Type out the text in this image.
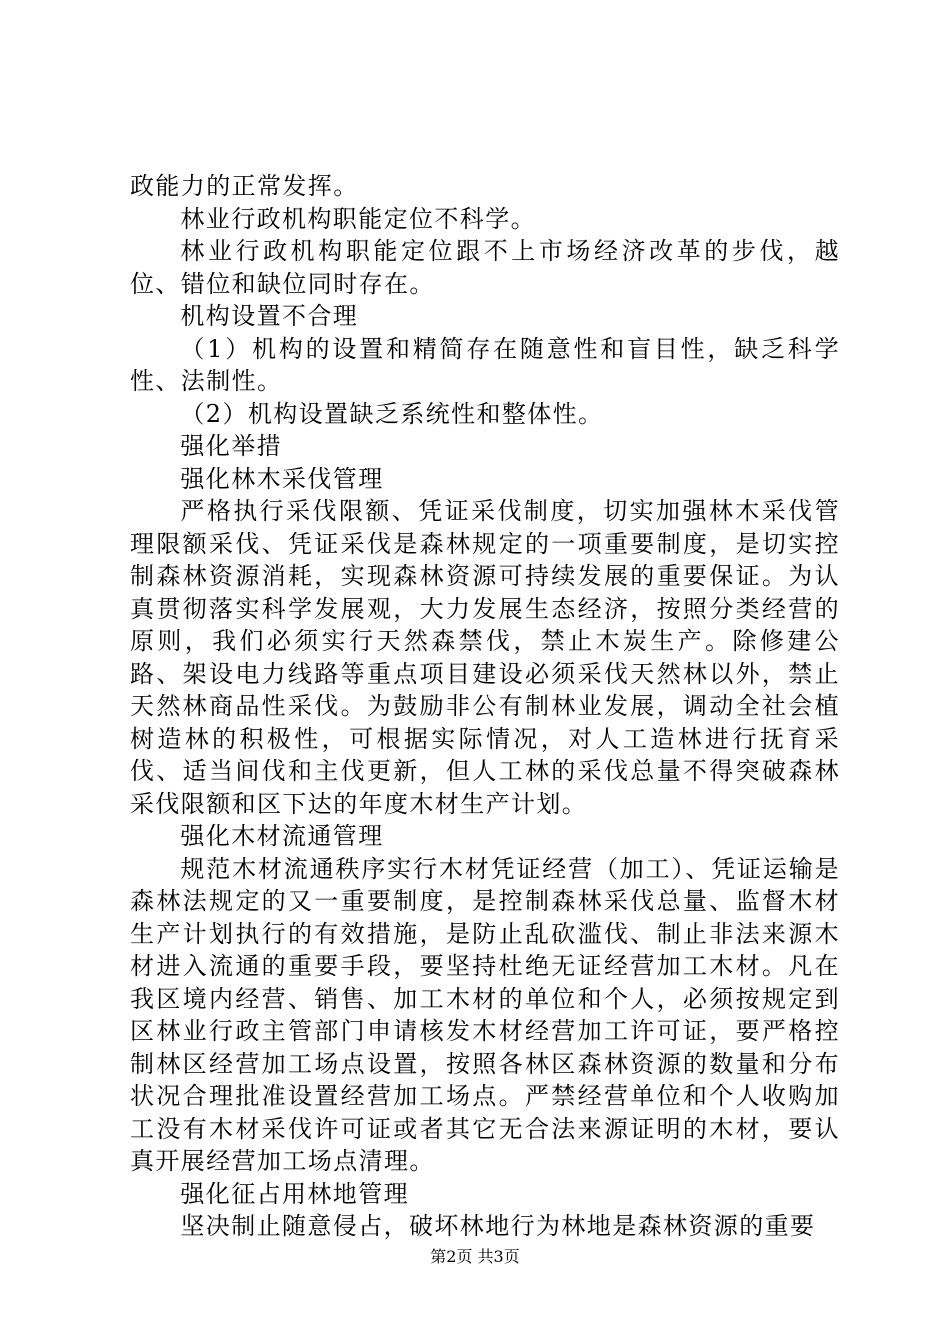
政能力的正常发挥。

林业行政机构职能定位不科学。

林业行政机构职能定位跟不上市场经济改革的步伐，越位、错位和缺位同时存在。

机构设置不合理

（1）机构的设置和精简存在随意性和盲目性，缺乏科学性、法制性。

（2）机构设置缺乏系统性和整体性。

强化举措

强化林木采伐管理

严格执行采伐限额、凭证采伐制度，切实加强林木采伐管理限额采伐、凭证采伐是森林规定的一项重要制度，是切实控制森林资源消耗，实现森林资源可持续发展的重要保证。为认真贯彻落实科学发展观，大力发展生态经济，按照分类经营的原则，我们必须实行天然森禁伐，禁止木炭生产。除修建公路、架设电力线路等重点项目建设必须采伐天然林以外，禁止天然林商品性采伐。为鼓励非公有制林业发展，调动全社会植树造林的积极性，可根据实际情况，对人工造林进行抚育采伐、适当间伐和主伐更新，但人工林的采伐总量不得突破森林采伐限额和区下达的年度木材生产计划。

强化木材流通管理

规范木材流通秩序实行木材凭证经营（加工）、凭证运输是森林法规定的又一重要制度，是控制森林采伐总量、监督木材生产计划执行的有效措施，是防止乱砍滥伐、制止非法来源木材进入流通的重要手段，要坚持杜绝无证经营加工木材。凡在我区境内经营、销售、加工木材的单位和个人，必须按规定到区林业行政主管部门申请核发木材经营加工许可证，要严格控制林区经营加工场点设置，按照各林区森林资源的数量和分布状况合理批准设置经营加工场点。严禁经营单位和个人收购加工没有木材采伐许可证或者其它无合法来源证明的木材，要认真开展经营加工场点清理。

强化征占用林地管理

坚决制止随意侵占，破坏林地行为林地是森林资源的重要

第2页 共3页
